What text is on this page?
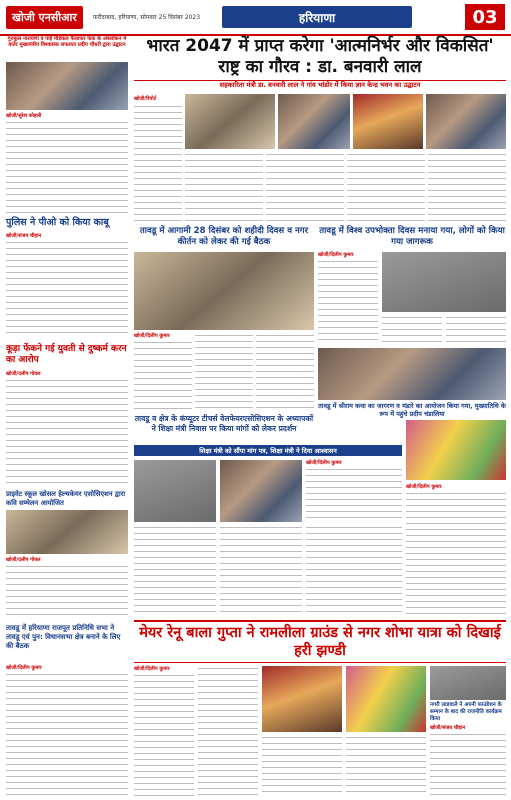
खोजी एनसीआर	फरीदाबाद, हरियाणा, सोमवार 25 दिसंबर 2023	हरियाणा	03
गुरुकुल नारायणा व पाई मेंडिकल फैलाफर फेंक के अवलोकन में वातेर मुख्यमंत्रीय विश्वासक सफलता प्रदीप चौधरी द्वारा उद्घाटन
खोजी/सुरेश कोहली
भारत 2047 में प्राप्त करेगा 'आत्मनिर्भर और विकसित' राष्ट्र का गौरव : डा. बनवारी लाल
सहकारिता मंत्री डा. बनवारी लाल ने गांव भांडोर में किया ज्ञान केन्द्र भवन का उद्घाटन
खोजी/रिपोर्ट
पुलिस ने पीओ को किया काबू
खोजी/संजय चौहान
कूड़ा फेंकने गई युवती से दुष्कर्म करन का आरोप
खोजी/दलीप गोयल
तावडू में आगामी 28 दिसंबर को शहीदी दिवस व नगर कीर्तन को लेकर की गई बैठक
खोजी/दिलीप कुमार
तावडू में विश्व उपभोक्ता दिवस मनाया गया, लोगों को किया गया जागरूक
खोजी/दिलीप कुमार
तावडू में श्रीराम कथा का जागरण व मंडारे का आयोजन किया गया, मुख्यातिथि के रूप में पहुंचे प्रदीप चंडालिया
तावडू व क्षेत्र के कंप्यूटर टीचर्स वेलफेयरएसोसिएशन के अध्यापकों ने शिक्षा मंत्री निवास पर किया मांगों को लेकर प्रदर्शन
शिक्षा मंत्री को सौंपा मांग पत्र, शिक्षा मंत्री ने दिया आश्वासन
प्राइवेट स्कूल खोसल हेल्थकेयर एसोसिएशन द्वारा कवि सम्मेलन आयोजित
खोजी/दलीप गोयल
खोजी/दिलीप कुमार
खोजी/दिलीप कुमार
मेयर रेनू बाला गुप्ता ने रामलीला ग्राउंड से नगर शोभा यात्रा को दिखाई हरी झण्डी
तावडू में हरियाणा राजपूत प्रतिनिधि सभा ने तावडू एवं पुन: विधानसभा क्षेत्र बनाने के लिए की बैठक
खोजी/दिलीप कुमार	खोजी/दिलीप कुमार
नगरी लाडवाले ने अपनी फाउंडेशन के सम्मान के बाद की राजनीति कार्यक्रम किया
खोजी/संजय चौहान
